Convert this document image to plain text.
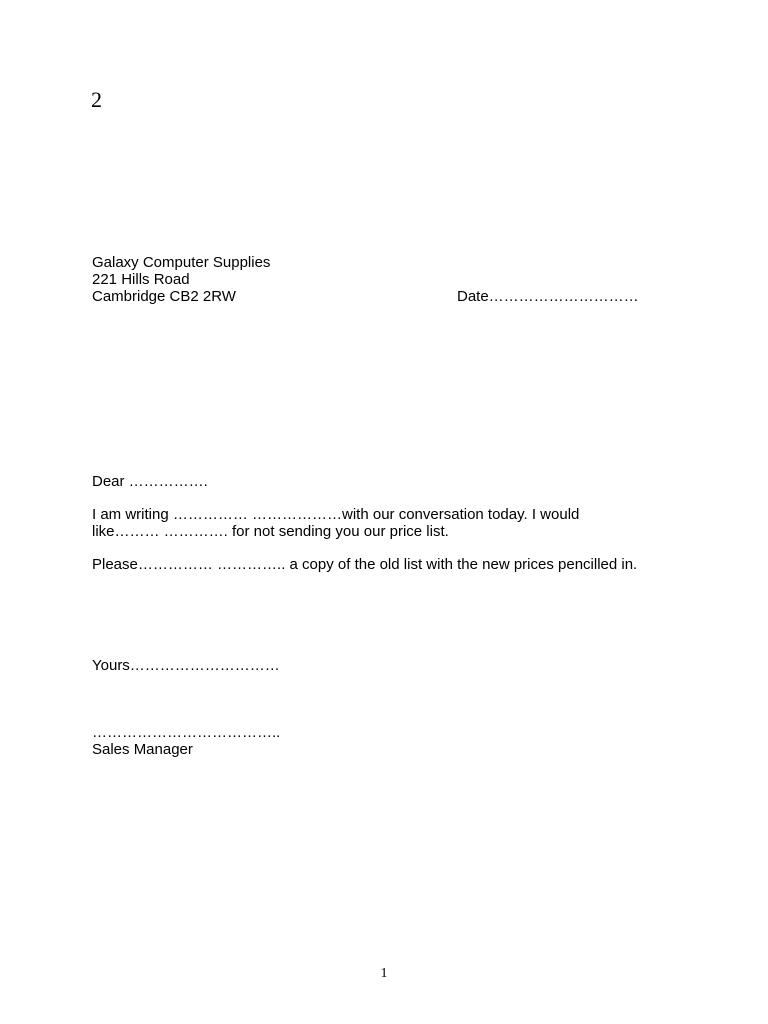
2
Galaxy Computer Supplies
221 Hills Road
Cambridge CB2 2RW	Date…………………………
Dear …………….
I am writing …………… ………………with our conversation today. I would
like……… …………. for not sending you our price list.
Please…………… ………….. a copy of the old list with the new prices pencilled in.
Yours…………………………
………………………………..
Sales Manager
1
